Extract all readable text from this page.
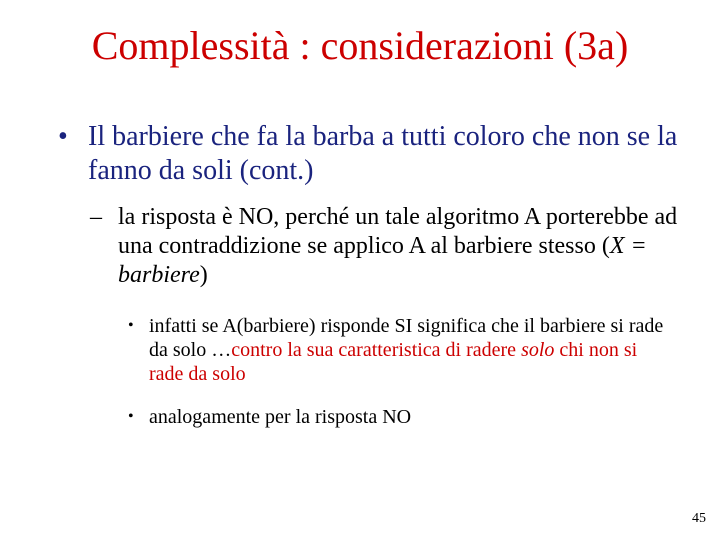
Complessità : considerazioni (3a)
• Il barbiere che fa la barba a tutti coloro che non se la fanno da soli (cont.)
– la risposta è NO, perché un tale algoritmo A porterebbe ad una contraddizione se applico A al barbiere stesso (X = barbiere)
• infatti se A(barbiere) risponde SI significa che il barbiere si rade da solo …contro la sua caratteristica di radere solo chi non si rade da solo
• analogamente per la risposta NO
45
